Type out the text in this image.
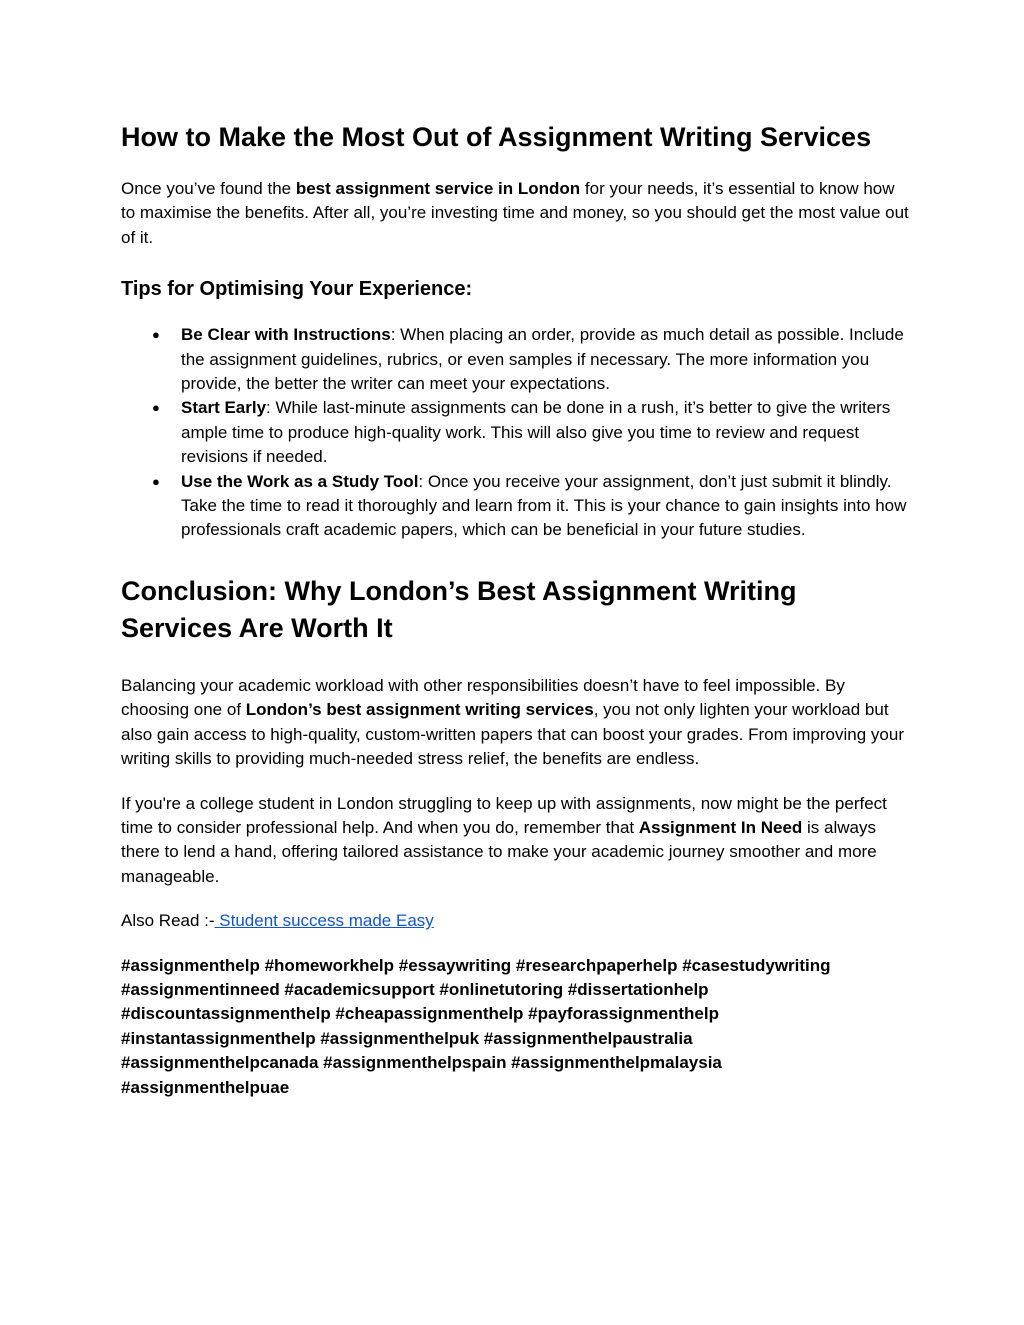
How to Make the Most Out of Assignment Writing Services

Once you’ve found the best assignment service in London for your needs, it’s essential to know how to maximise the benefits. After all, you’re investing time and money, so you should get the most value out of it.

Tips for Optimising Your Experience:
● Be Clear with Instructions: When placing an order, provide as much detail as possible. Include the assignment guidelines, rubrics, or even samples if necessary. The more information you provide, the better the writer can meet your expectations.
● Start Early: While last-minute assignments can be done in a rush, it’s better to give the writers ample time to produce high-quality work. This will also give you time to review and request revisions if needed.
● Use the Work as a Study Tool: Once you receive your assignment, don’t just submit it blindly. Take the time to read it thoroughly and learn from it. This is your chance to gain insights into how professionals craft academic papers, which can be beneficial in your future studies.
Conclusion: Why London’s Best Assignment Writing Services Are Worth It

Balancing your academic workload with other responsibilities doesn’t have to feel impossible. By choosing one of London’s best assignment writing services, you not only lighten your workload but also gain access to high-quality, custom-written papers that can boost your grades. From improving your writing skills to providing much-needed stress relief, the benefits are endless.

If you're a college student in London struggling to keep up with assignments, now might be the perfect time to consider professional help. And when you do, remember that Assignment In Need is always there to lend a hand, offering tailored assistance to make your academic journey smoother and more manageable.

Also Read :- Student success made Easy

#assignmenthelp #homeworkhelp #essaywriting #researchpaperhelp #casestudywriting
#assignmentinneed #academicsupport #onlinetutoring #dissertationhelp
#discountassignmenthelp #cheapassignmenthelp #payforassignmenthelp
#instantassignmenthelp #assignmenthelpuk #assignmenthelpaustralia
#assignmenthelpcanada #assignmenthelpspain #assignmenthelpmalaysia
#assignmenthelpuae
